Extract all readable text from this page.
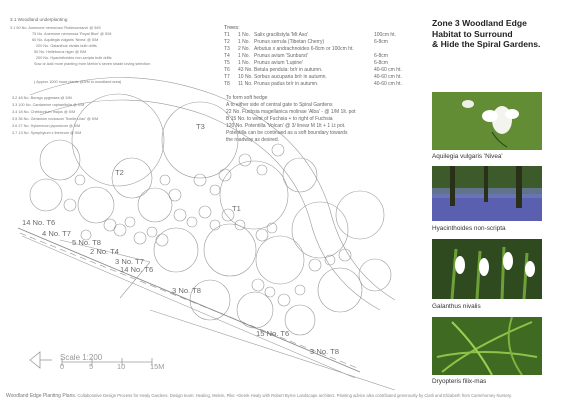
3.1 Woodland underplanting
3.1 50 No. Anemone nemorosa 'Robinsoniana' @ 5/M
75 No. Anemone nemorosa 'Royal Blue' @ 5/M
60 No. Aquilegia vulgaris 'Nivea' @ 5/M
200 No. Galanthus nivalis bulb drifts
50 No. Helleborus niger @ 5/M
200 No. Hyacinthoides non-scripta bulb drifts
Sow or Add more planting from Melvin's seven shade loving selection
( Approx 1000 more plants @5/M to woodland area)
3.2 48 No. Borago pygmaea @ 5/M
3.3 100 No. Cardamine raphanifolia @ 5/M
3.4 18 No. Chelidonium majus @ 5/M
3.5 36 No. Geranium nodosum 'Svelte Lilac' @ 5/M
3.6 27 No. Hylomecon japonicum @ 5/M
3.7 13 No. Symphytum x ibericum @ 5/M
Trees:
T1 1 No. Salix gracilistyla 'Mt Aso'	100cm ht.
T2 1 No. Prunus serrula (Tibetan Cherry)	6-8cm
T3 2 No. Arbutus x andrachnoides 6-8cm or 100cm ht.
T4 1 No. Prunus avium 'Sunburst'	6-8cm
T5 1 No. Prunus avium 'Lupine'	6-8cm
T6 43 No. Betula pendula: br/r in autumn.	40-60 cm ht.
T7 10 No. Sorbus aucuparia br/r in autumn.	40-60 cm ht.
T8 11 No. Prunus padus br/r in autumn.	40-60 cm ht.
To form soft hedge
A to either side of central gate to Spiral Gardens
22 No. Fuchsia magellanica molinae 'Alba' - @ 1/M 1lt. pot
B 15 No. to west of Fuchsia + to right of Fuchsia
120 No. Potentilla 'Volcan' @ 3/ linear M 1lt + 1 Lt pot.
Potentilla can be continued as a soft boundary towards
the roadway as desired.
T2
T3
T1
14 No. T6
4 No. T7
5 No. T8
2 No. T4
3 No. T7
14 No. T6
3 No. T8
15 No. T6
3 No. T8
Scale 1:200
0	5	10	15M
Zone 3 Woodland Edge
Habitat to Surround
& Hide the Spiral Gardens.
Aquilegia vulgaris 'Nivea'
Hyacinthoides non-scripta
Galanthus nivalis
Dryopteris filix-mas
Woodland Edge Planting Plans. Collaborative Design Process for Healy Gardens. Design team: Healing, Melvin, Pike +Derek Healy with Robert Byrne Landscape architect. Planting advice also contributed generously by Ciarli and Elizabeth from Carnehorney Nursery.
